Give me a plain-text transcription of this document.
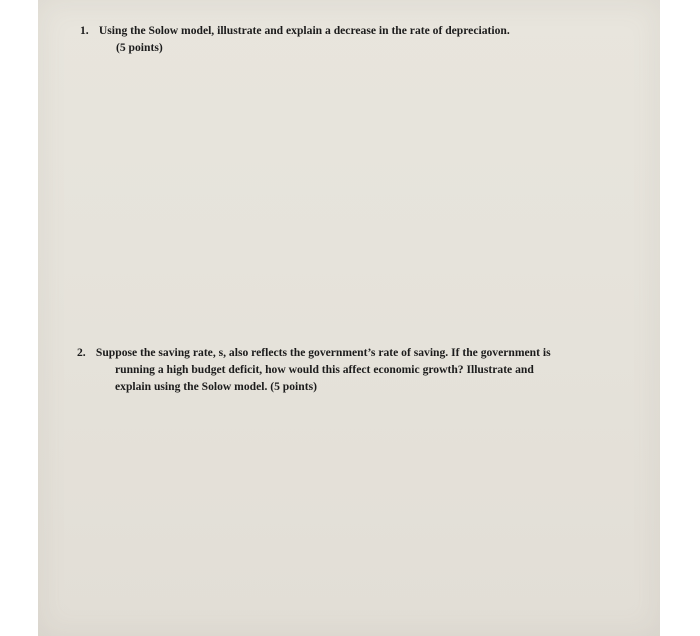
1. Using the Solow model, illustrate and explain a decrease in the rate of depreciation.
(5 points)
2. Suppose the saving rate, s, also reflects the government’s rate of saving. If the government is
running a high budget deficit, how would this affect economic growth? Illustrate and
explain using the Solow model. (5 points)
